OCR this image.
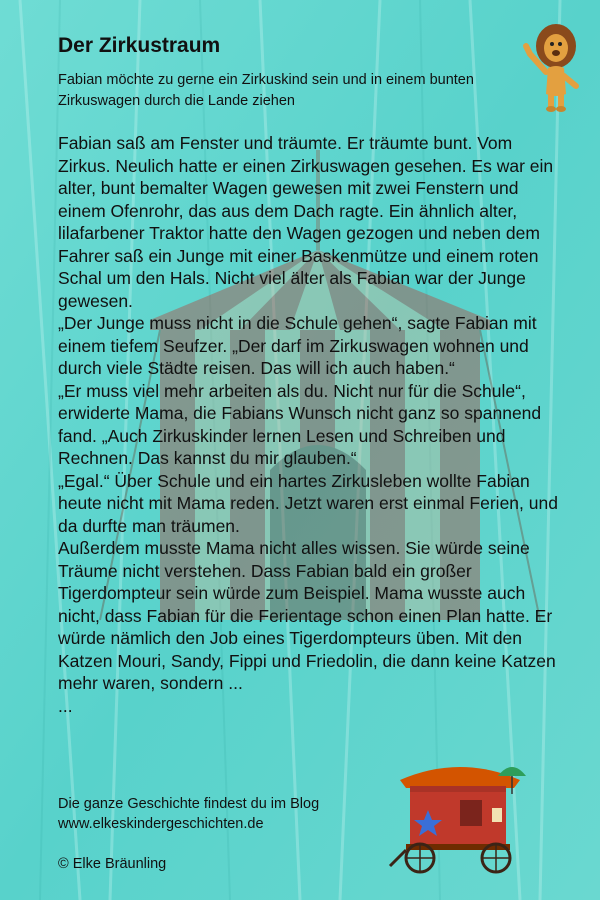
Der Zirkustraum
Fabian möchte zu gerne ein Zirkuskind sein und in einem bunten Zirkuswagen durch die Lande ziehen

Fabian saß am Fenster und träumte. Er träumte bunt. Vom Zirkus. Neulich hatte er einen Zirkuswagen gesehen. Es war ein alter, bunt bemalter Wagen gewesen mit zwei Fenstern und einem Ofenrohr, das aus dem Dach ragte. Ein ähnlich alter, lilafarbener Traktor hatte den Wagen gezogen und neben dem Fahrer saß ein Junge mit einer Baskenmütze und einem roten Schal um den Hals. Nicht viel älter als Fabian war der Junge gewesen.

„Der Junge muss nicht in die Schule gehen“, sagte Fabian mit einem tiefem Seufzer. „Der darf im Zirkuswagen wohnen und durch viele Städte reisen. Das will ich auch haben.“

„Er muss viel mehr arbeiten als du. Nicht nur für die Schule“, erwiderte Mama, die Fabians Wunsch nicht ganz so spannend fand. „Auch Zirkuskinder lernen Lesen und Schreiben und Rechnen. Das kannst du mir glauben.“

„Egal.“ Über Schule und ein hartes Zirkusleben wollte Fabian heute nicht mit Mama reden. Jetzt waren erst einmal Ferien, und da durfte man träumen.

Außerdem musste Mama nicht alles wissen. Sie würde seine Träume nicht verstehen. Dass Fabian bald ein großer Tigerdompteur sein würde zum Beispiel. Mama wusste auch nicht, dass Fabian für die Ferientage schon einen Plan hatte. Er würde nämlich den Job eines Tigerdompteurs üben. Mit den Katzen Mouri, Sandy, Fippi und Friedolin, die dann keine Katzen mehr waren, sondern ...

...

Die ganze Geschichte findest du im Blog
www.elkeskindergeschichten.de
© Elke Bräunling
